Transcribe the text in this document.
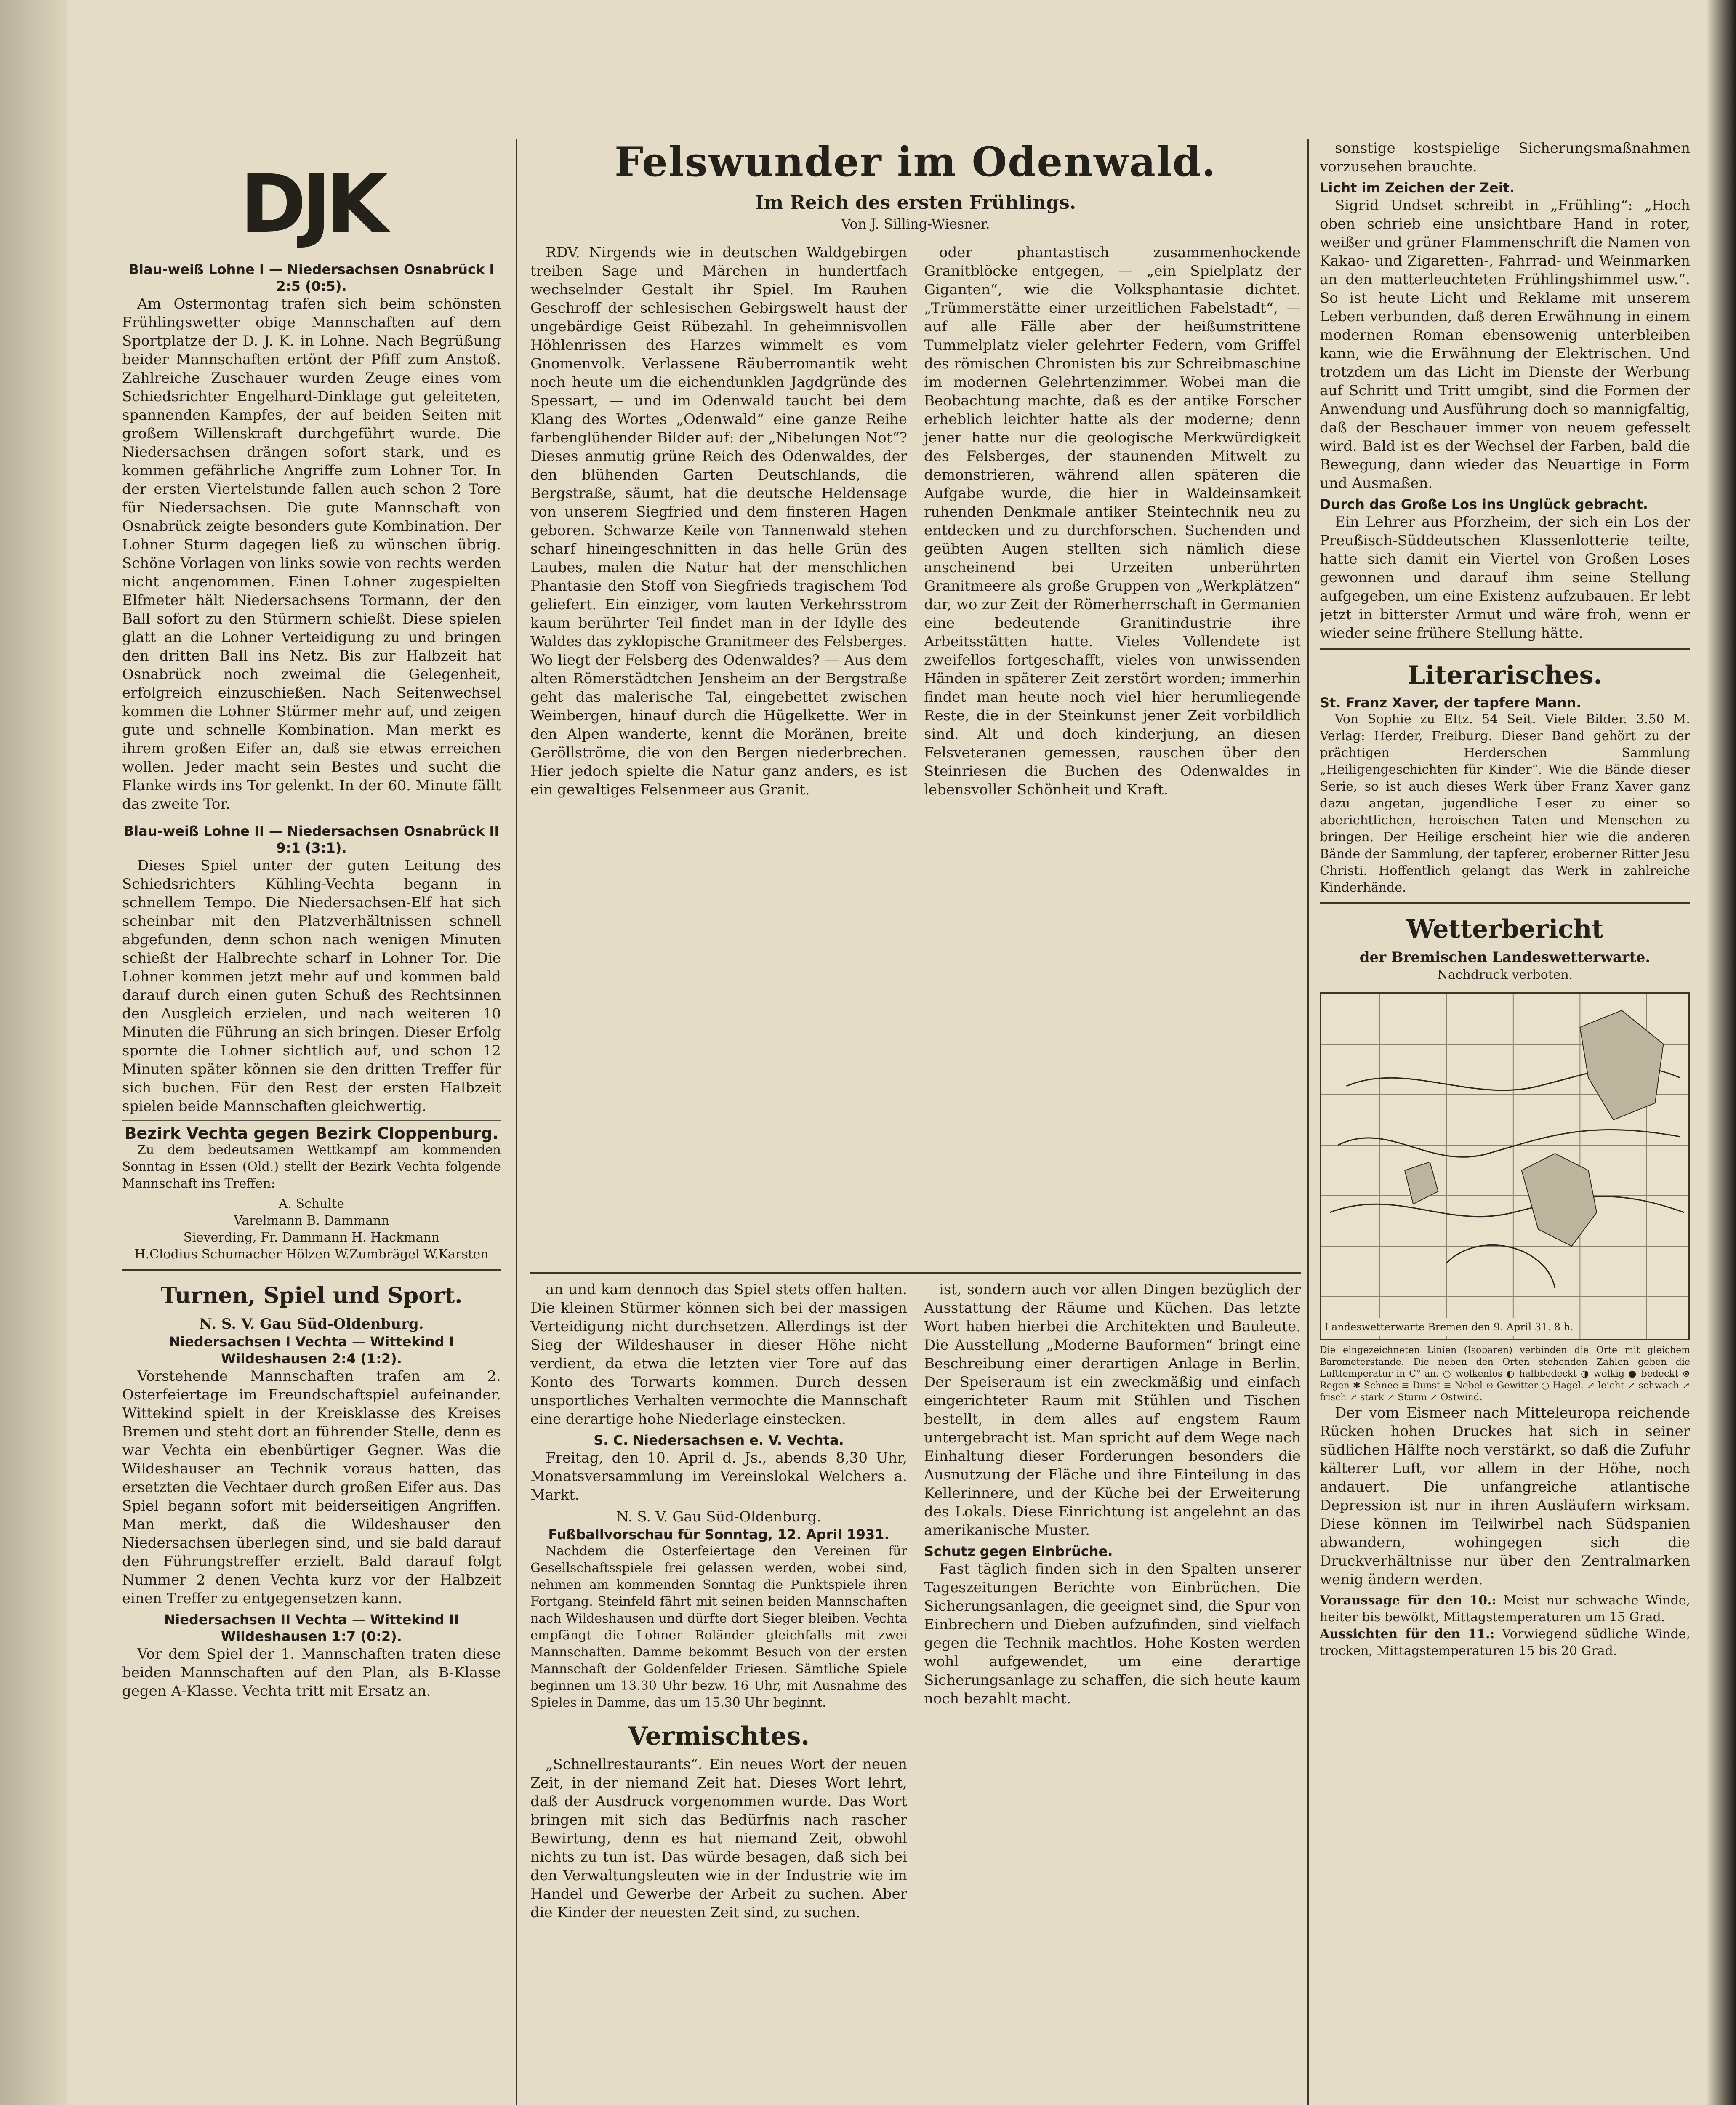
DJK
Blau-weiß Lohne I — Niedersachsen Osnabrück I 2:5 (0:5).

Am Ostermontag trafen sich beim schönsten Frühlingswetter obige Mannschaften auf dem Sportplatze der D. J. K. in Lohne. Nach Begrüßung beider Mannschaften ertönt der Pfiff zum Anstoß. Zahlreiche Zuschauer wurden Zeuge eines vom Schiedsrichter Engelhard-Dinklage gut geleiteten, spannenden Kampfes, der auf beiden Seiten mit großem Willenskraft durchgeführt wurde. Die Niedersachsen drängen sofort stark, und es kommen gefährliche Angriffe zum Lohner Tor. In der ersten Viertelstunde fallen auch schon 2 Tore für Niedersachsen. Die gute Mannschaft von Osnabrück zeigte besonders gute Kombination. Der Lohner Sturm dagegen ließ zu wünschen übrig. Schöne Vorlagen von links sowie von rechts werden nicht angenommen. Einen Lohner zugespielten Elfmeter hält Niedersachsens Tormann, der den Ball sofort zu den Stürmern schießt. Diese spielen glatt an die Lohner Verteidigung zu und bringen den dritten Ball ins Netz. Bis zur Halbzeit hat Osnabrück noch zweimal die Gelegenheit, erfolgreich einzuschießen. Nach Seitenwechsel kommen die Lohner Stürmer mehr auf, und zeigen gute und schnelle Kombination. Man merkt es ihrem großen Eifer an, daß sie etwas erreichen wollen. Jeder macht sein Bestes und sucht die Flanke wirds ins Tor gelenkt. In der 60. Minute fällt das zweite Tor.

Blau-weiß Lohne II — Niedersachsen Osnabrück II 9:1 (3:1).

Dieses Spiel unter der guten Leitung des Schiedsrichters Kühling-Vechta begann in schnellem Tempo. Die Niedersachsen-Elf hat sich scheinbar mit den Platzverhältnissen schnell abgefunden, denn schon nach wenigen Minuten schießt der Halbrechte scharf in Lohner Tor. Die Lohner kommen jetzt mehr auf und kommen bald darauf durch einen guten Schuß des Rechtsinnen den Ausgleich erzielen, und nach weiteren 10 Minuten die Führung an sich bringen. Dieser Erfolg spornte die Lohner sichtlich auf, und schon 12 Minuten später können sie den dritten Treffer für sich buchen. Für den Rest der ersten Halbzeit spielen beide Mannschaften gleichwertig.

Bezirk Vechta gegen Bezirk Cloppenburg.

Zu dem bedeutsamen Wettkampf am kommenden Sonntag in Essen (Old.) stellt der Bezirk Vechta folgende Mannschaft ins Treffen:

A. Schulte
Varelmann B. Dammann
Sieverding, Fr. Dammann H. Hackmann
H.Clodius Schumacher Hölzen W.Zumbrägel W.Karsten
Turnen, Spiel und Sport.
N. S. V. Gau Süd-Oldenburg.
Niedersachsen I Vechta — Wittekind I Wildeshausen 2:4 (1:2).

Vorstehende Mannschaften trafen am 2. Osterfeiertage im Freundschaftspiel aufeinander. Wittekind spielt in der Kreisklasse des Kreises Bremen und steht dort an führender Stelle, denn es war Vechta ein ebenbürtiger Gegner. Was die Wildeshauser an Technik voraus hatten, das ersetzten die Vechtaer durch großen Eifer aus. Das Spiel begann sofort mit beiderseitigen Angriffen. Man merkt, daß die Wildeshauser den Niedersachsen überlegen sind, und sie bald darauf den Führungstreffer erzielt. Bald darauf folgt Nummer 2 denen Vechta kurz vor der Halbzeit einen Treffer zu entgegensetzen kann.

Niedersachsen II Vechta — Wittekind II Wildeshausen 1:7 (0:2).

Vor dem Spiel der 1. Mannschaften traten diese beiden Mannschaften auf den Plan, als B-Klasse gegen A-Klasse. Vechta tritt mit Ersatz an.

Felswunder im Odenwald.
Im Reich des ersten Frühlings.
Von J. Silling-Wiesner.

RDV. Nirgends wie in deutschen Waldgebirgen treiben Sage und Märchen in hundertfach wechselnder Gestalt ihr Spiel. Im Rauhen Geschroff der schlesischen Gebirgswelt haust der ungebärdige Geist Rübezahl. In geheimnisvollen Höhlenrissen des Harzes wimmelt es vom Gnomenvolk. Verlassene Räuberromantik weht noch heute um die eichendunklen Jagdgründe des Spessart, — und im Odenwald taucht bei dem Klang des Wortes „Odenwald“ eine ganze Reihe farbenglühender Bilder auf: der „Nibelungen Not“? Dieses anmutig grüne Reich des Odenwaldes, der den blühenden Garten Deutschlands, die Bergstraße, säumt, hat die deutsche Heldensage von unserem Siegfried und dem finsteren Hagen geboren. Schwarze Keile von Tannenwald stehen scharf hineingeschnitten in das helle Grün des Laubes, malen die Natur hat der menschlichen Phantasie den Stoff von Siegfrieds tragischem Tod geliefert. Ein einziger, vom lauten Verkehrsstrom kaum berührter Teil findet man in der Idylle des Waldes das zyklopische Granitmeer des Felsberges. Wo liegt der Felsberg des Odenwaldes? — Aus dem alten Römerstädtchen Jensheim an der Bergstraße geht das malerische Tal, eingebettet zwischen Weinbergen, hinauf durch die Hügelkette. Wer in den Alpen wanderte, kennt die Moränen, breite Geröllströme, die von den Bergen niederbrechen. Hier jedoch spielte die Natur ganz anders, es ist ein gewaltiges Felsenmeer aus Granit.

oder phantastisch zusammenhockende Granitblöcke entgegen, — „ein Spielplatz der Giganten“, wie die Volksphantasie dichtet. „Trümmerstätte einer urzeitlichen Fabelstadt“, — auf alle Fälle aber der heißumstrittene Tummelplatz vieler gelehrter Federn, vom Griffel des römischen Chronisten bis zur Schreibmaschine im modernen Gelehrtenzimmer. Wobei man die Beobachtung machte, daß es der antike Forscher erheblich leichter hatte als der moderne; denn jener hatte nur die geologische Merkwürdigkeit des Felsberges, der staunenden Mitwelt zu demonstrieren, während allen späteren die Aufgabe wurde, die hier in Waldeinsamkeit ruhenden Denkmale antiker Steintechnik neu zu entdecken und zu durchforschen. Suchenden und geübten Augen stellten sich nämlich diese anscheinend bei Urzeiten unberührten Granitmeere als große Gruppen von „Werkplätzen“ dar, wo zur Zeit der Römerherrschaft in Germanien eine bedeutende Granitindustrie ihre Arbeitsstätten hatte. Vieles Vollendete ist zweifellos fortgeschafft, vieles von unwissenden Händen in späterer Zeit zerstört worden; immerhin findet man heute noch viel hier herumliegende Reste, die in der Steinkunst jener Zeit vorbildlich sind. Alt und doch kinderjung, an diesen Felsveteranen gemessen, rauschen über den Steinriesen die Buchen des Odenwaldes in lebensvoller Schönheit und Kraft.

an und kam dennoch das Spiel stets offen halten. Die kleinen Stürmer können sich bei der massigen Verteidigung nicht durchsetzen. Allerdings ist der Sieg der Wildeshauser in dieser Höhe nicht verdient, da etwa die letzten vier Tore auf das Konto des Torwarts kommen. Durch dessen unsportliches Verhalten vermochte die Mannschaft eine derartige hohe Niederlage einstecken.

S. C. Niedersachsen e. V. Vechta.

Freitag, den 10. April d. Js., abends 8,30 Uhr, Monatsversammlung im Vereinslokal Welchers a. Markt.

N. S. V. Gau Süd-Oldenburg.
Fußballvorschau für Sonntag, 12. April 1931.

Nachdem die Osterfeiertage den Vereinen für Gesellschaftsspiele frei gelassen werden, wobei sind, nehmen am kommenden Sonntag die Punktspiele ihren Fortgang. Steinfeld fährt mit seinen beiden Mannschaften nach Wildeshausen und dürfte dort Sieger bleiben. Vechta empfängt die Lohner Roländer gleichfalls mit zwei Mannschaften. Damme bekommt Besuch von der ersten Mannschaft der Goldenfelder Friesen. Sämtliche Spiele beginnen um 13.30 Uhr bezw. 16 Uhr, mit Ausnahme des Spieles in Damme, das um 15.30 Uhr beginnt.

Vermischtes.

„Schnellrestaurants“. Ein neues Wort der neuen Zeit, in der niemand Zeit hat. Dieses Wort lehrt, daß der Ausdruck vorgenommen wurde. Das Wort bringen mit sich das Bedürfnis nach rascher Bewirtung, denn es hat niemand Zeit, obwohl nichts zu tun ist. Das würde besagen, daß sich bei den Verwaltungsleuten wie in der Industrie wie im Handel und Gewerbe der Arbeit zu suchen. Aber die Kinder der neuesten Zeit sind, zu suchen.

ist, sondern auch vor allen Dingen bezüglich der Ausstattung der Räume und Küchen. Das letzte Wort haben hierbei die Architekten und Bauleute. Die Ausstellung „Moderne Bauformen“ bringt eine Beschreibung einer derartigen Anlage in Berlin. Der Speiseraum ist ein zweckmäßig und einfach eingerichteter Raum mit Stühlen und Tischen bestellt, in dem alles auf engstem Raum untergebracht ist. Man spricht auf dem Wege nach Einhaltung dieser Forderungen besonders die Ausnutzung der Fläche und ihre Einteilung in das Kellerinnere, und der Küche bei der Erweiterung des Lokals. Diese Einrichtung ist angelehnt an das amerikanische Muster.

Schutz gegen Einbrüche.

Fast täglich finden sich in den Spalten unserer Tageszeitungen Berichte von Einbrüchen. Die Sicherungsanlagen, die geeignet sind, die Spur von Einbrechern und Dieben aufzufinden, sind vielfach gegen die Technik machtlos. Hohe Kosten werden wohl aufgewendet, um eine derartige Sicherungsanlage zu schaffen, die sich heute kaum noch bezahlt macht.

sonstige kostspielige Sicherungsmaßnahmen vorzusehen brauchte.

Licht im Zeichen der Zeit.

Sigrid Undset schreibt in „Frühling“: „Hoch oben schrieb eine unsichtbare Hand in roter, weißer und grüner Flammenschrift die Namen von Kakao- und Zigaretten-, Fahrrad- und Weinmarken an den matterleuchteten Frühlingshimmel usw.“. So ist heute Licht und Reklame mit unserem Leben verbunden, daß deren Erwähnung in einem modernen Roman ebensowenig unterbleiben kann, wie die Erwähnung der Elektrischen. Und trotzdem um das Licht im Dienste der Werbung auf Schritt und Tritt umgibt, sind die Formen der Anwendung und Ausführung doch so mannigfaltig, daß der Beschauer immer von neuem gefesselt wird. Bald ist es der Wechsel der Farben, bald die Bewegung, dann wieder das Neuartige in Form und Ausmaßen.

Durch das Große Los ins Unglück gebracht.

Ein Lehrer aus Pforzheim, der sich ein Los der Preußisch-Süddeutschen Klassenlotterie teilte, hatte sich damit ein Viertel von Großen Loses gewonnen und darauf ihm seine Stellung aufgegeben, um eine Existenz aufzubauen. Er lebt jetzt in bitterster Armut und wäre froh, wenn er wieder seine frühere Stellung hätte.

Literarisches.
St. Franz Xaver, der tapfere Mann.

Von Sophie zu Eltz. 54 Seit. Viele Bilder. 3.50 M. Verlag: Herder, Freiburg. Dieser Band gehört zu der prächtigen Herderschen Sammlung „Heiligengeschichten für Kinder“. Wie die Bände dieser Serie, so ist auch dieses Werk über Franz Xaver ganz dazu angetan, jugendliche Leser zu einer so aberichtlichen, heroischen Taten und Menschen zu bringen. Der Heilige erscheint hier wie die anderen Bände der Sammlung, der tapferer, eroberner Ritter Jesu Christi. Hoffentlich gelangt das Werk in zahlreiche Kinderhände.

Wetterbericht
der Bremischen Landeswetterwarte.
Nachdruck verboten.
Landeswetterwarte Bremen den 9. April 31. 8 h.
Die eingezeichneten Linien (Isobaren) verbinden die Orte mit gleichem Barometerstande. Die neben den Orten stehenden Zahlen geben die Lufttemperatur in C° an. ○ wolkenlos ◐ halbbedeckt ◑ wolkig ● bedeckt ⊗ Regen ✱ Schnee ≡ Dunst ≡ Nebel ⊙ Gewitter ○ Hagel. ↗ leicht ↗ schwach ↗ frisch ↗ stark ↗ Sturm ↗ Ostwind.

Der vom Eismeer nach Mitteleuropa reichende Rücken hohen Druckes hat sich in seiner südlichen Hälfte noch verstärkt, so daß die Zufuhr kälterer Luft, vor allem in der Höhe, noch andauert. Die unfangreiche atlantische Depression ist nur in ihren Ausläufern wirksam. Diese können im Teilwirbel nach Südspanien abwandern, wohingegen sich die Druckverhältnisse nur über den Zentralmarken wenig ändern werden.

Voraussage für den 10.: Meist nur schwache Winde, heiter bis bewölkt, Mittagstemperaturen um 15 Grad.
Aussichten für den 11.: Vorwiegend südliche Winde, trocken, Mittagstemperaturen 15 bis 20 Grad.
